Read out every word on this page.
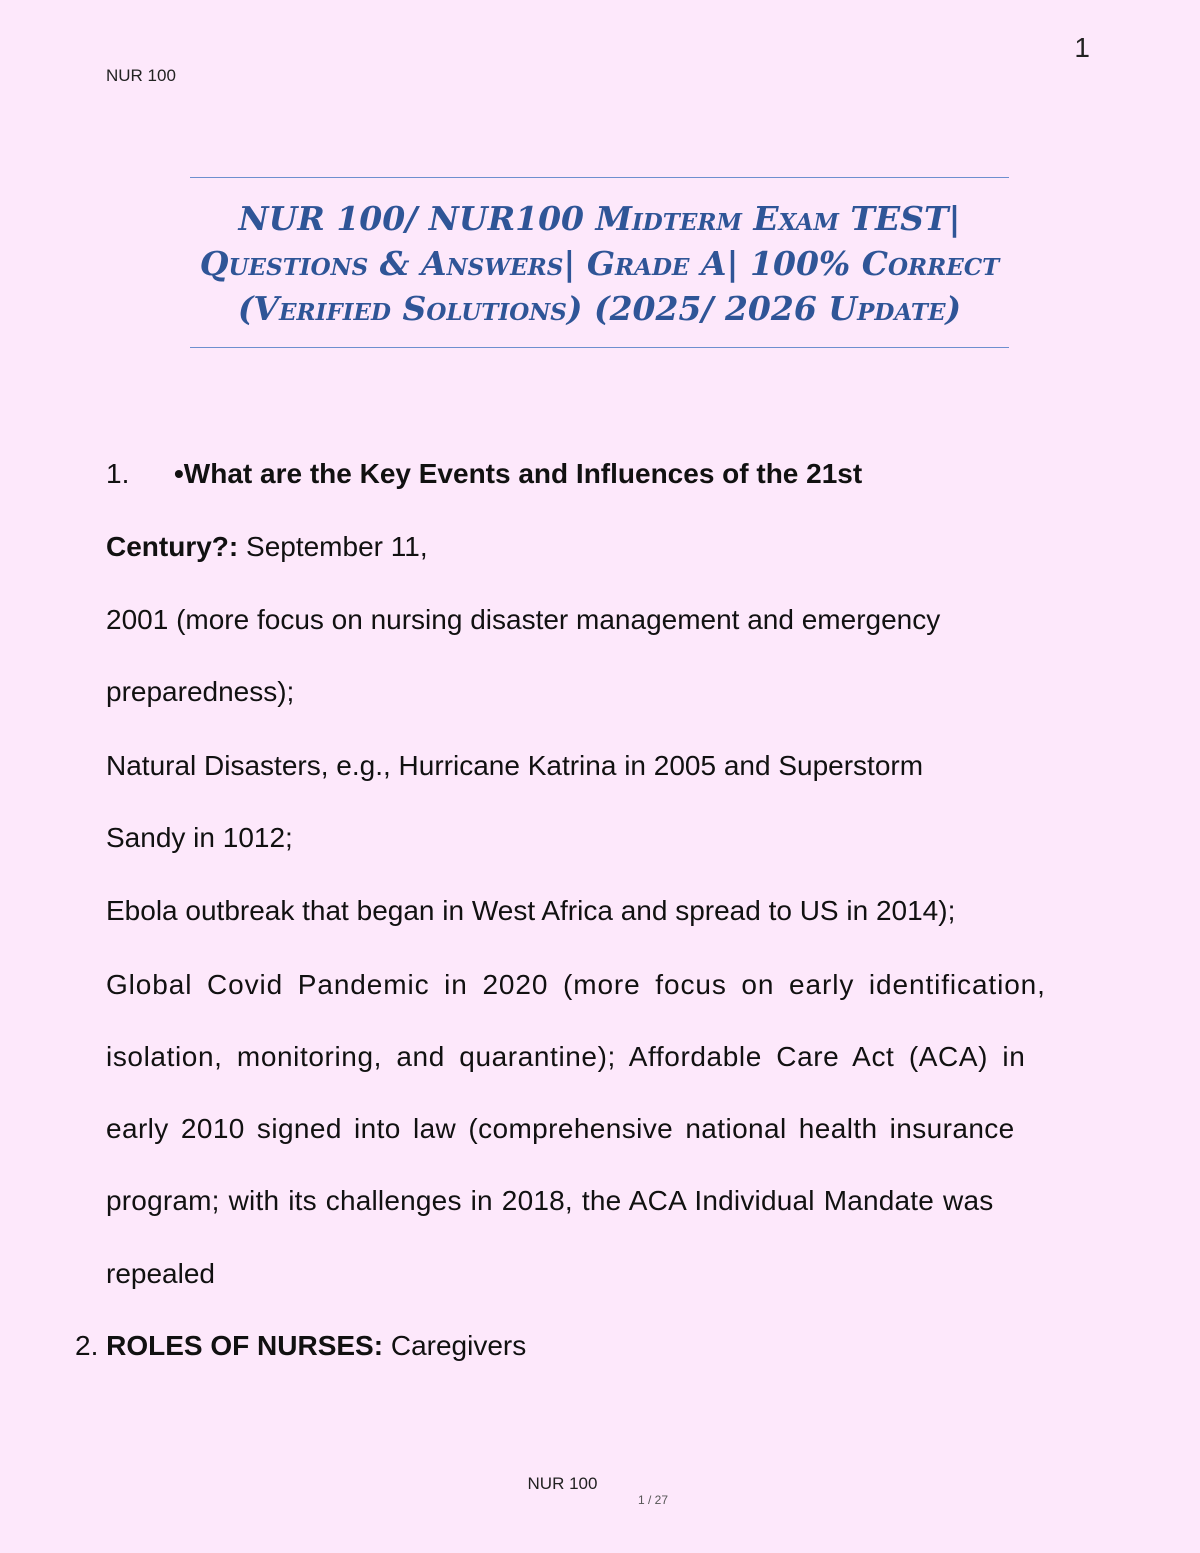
NUR 100
1
NUR 100/ NUR100 Midterm Exam TEST|
Questions & Answers| Grade A| 100% Correct
(Verified Solutions) (2025/ 2026 Update)
1. •What are the Key Events and Influences of the 21st
Century?: September 11,
2001 (more focus on nursing disaster management and emergency
preparedness);
Natural Disasters, e.g., Hurricane Katrina in 2005 and Superstorm
Sandy in 1012;
Ebola outbreak that began in West Africa and spread to US in 2014);
Global Covid Pandemic in 2020 (more focus on early identification,
isolation, monitoring, and quarantine); Affordable Care Act (ACA) in
early 2010 signed into law (comprehensive national health insurance
program; with its challenges in 2018, the ACA Individual Mandate was
repealed
2. ROLES OF NURSES: Caregivers
NUR 100
1 / 27
